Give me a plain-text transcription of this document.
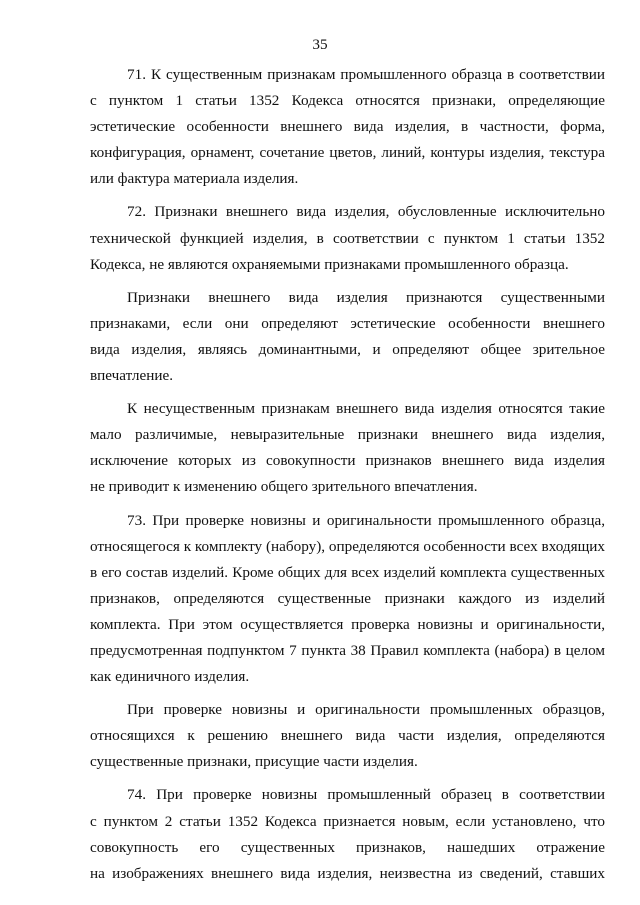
35
71. К существенным признакам промышленного образца в соответствии
с пунктом 1 статьи 1352 Кодекса относятся признаки, определяющие
эстетические особенности внешнего вида изделия, в частности, форма,
конфигурация, орнамент, сочетание цветов, линий, контуры изделия, текстура
или фактура материала изделия.
72. Признаки внешнего вида изделия, обусловленные исключительно
технической функцией изделия, в соответствии с пунктом 1 статьи 1352
Кодекса, не являются охраняемыми признаками промышленного образца.
Признаки внешнего вида изделия признаются существенными
признаками, если они определяют эстетические особенности внешнего
вида изделия, являясь доминантными, и определяют общее зрительное
впечатление.
К несущественным признакам внешнего вида изделия относятся такие
мало различимые, невыразительные признаки внешнего вида изделия,
исключение которых из совокупности признаков внешнего вида изделия
не приводит к изменению общего зрительного впечатления.
73. При проверке новизны и оригинальности промышленного образца,
относящегося к комплекту (набору), определяются особенности всех входящих
в его состав изделий. Кроме общих для всех изделий комплекта существенных
признаков, определяются существенные признаки каждого из изделий
комплекта. При этом осуществляется проверка новизны и оригинальности,
предусмотренная подпунктом 7 пункта 38 Правил комплекта (набора) в целом
как единичного изделия.
При проверке новизны и оригинальности промышленных образцов,
относящихся к решению внешнего вида части изделия, определяются
существенные признаки, присущие части изделия.
74. При проверке новизны промышленный образец в соответствии
с пунктом 2 статьи 1352 Кодекса признается новым, если установлено, что
совокупность его существенных признаков, нашедших отражение
на изображениях внешнего вида изделия, неизвестна из сведений, ставших
